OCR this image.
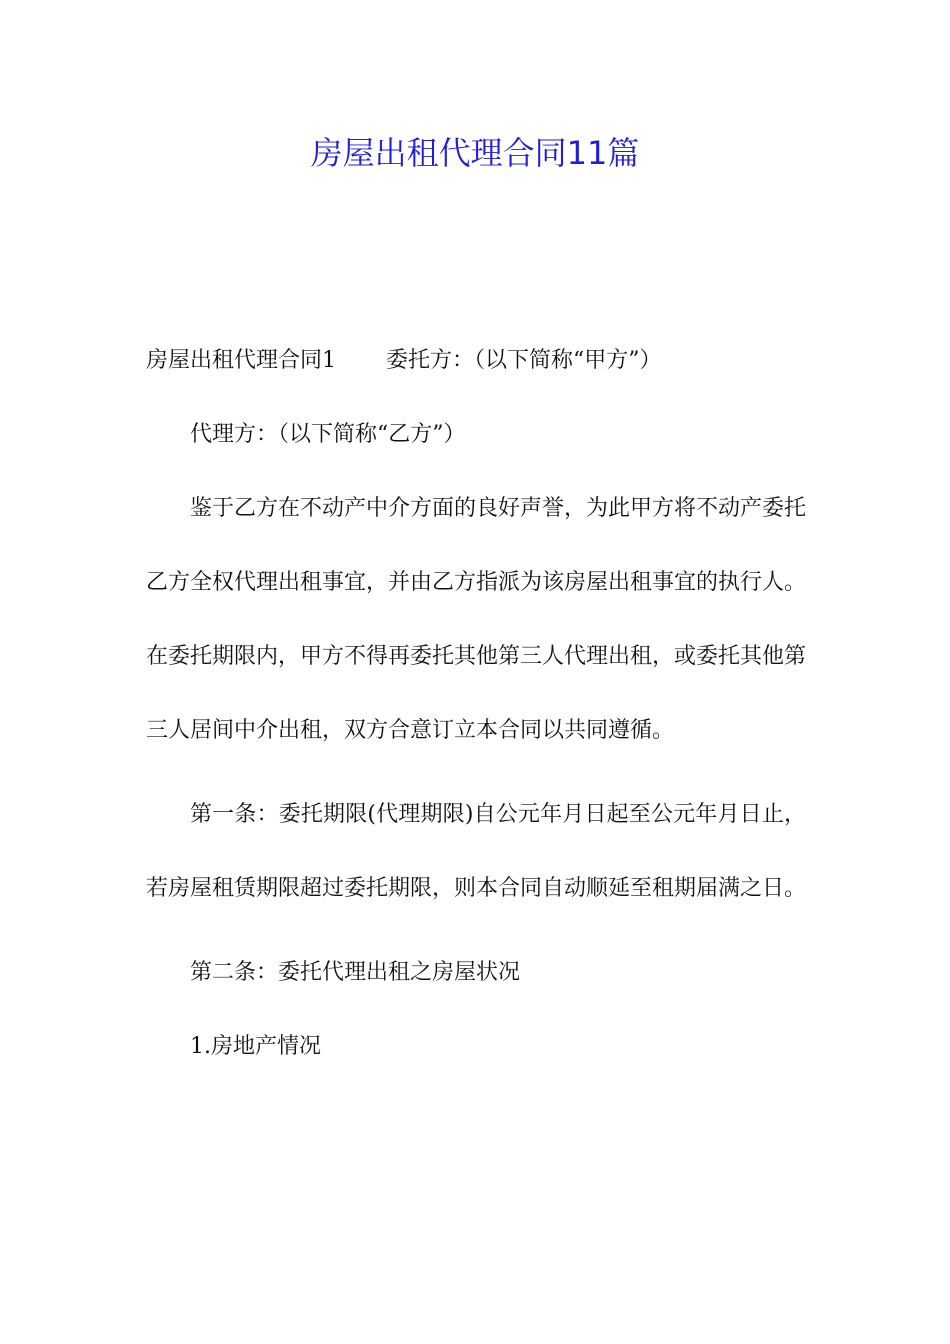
房屋出租代理合同11篇

房屋出租代理合同1 委托方：（以下简称“甲方”）

代理方：（以下简称“乙方”）

鉴于乙方在不动产中介方面的良好声誉，为此甲方将不动产委托乙方全权代理出租事宜，并由乙方指派为该房屋出租事宜的执行人。在委托期限内，甲方不得再委托其他第三人代理出租，或委托其他第三人居间中介出租，双方合意订立本合同以共同遵循。

第一条：委托期限(代理期限)自公元年月日起至公元年月日止，若房屋租赁期限超过委托期限，则本合同自动顺延至租期届满之日。

第二条：委托代理出租之房屋状况

1.房地产情况
